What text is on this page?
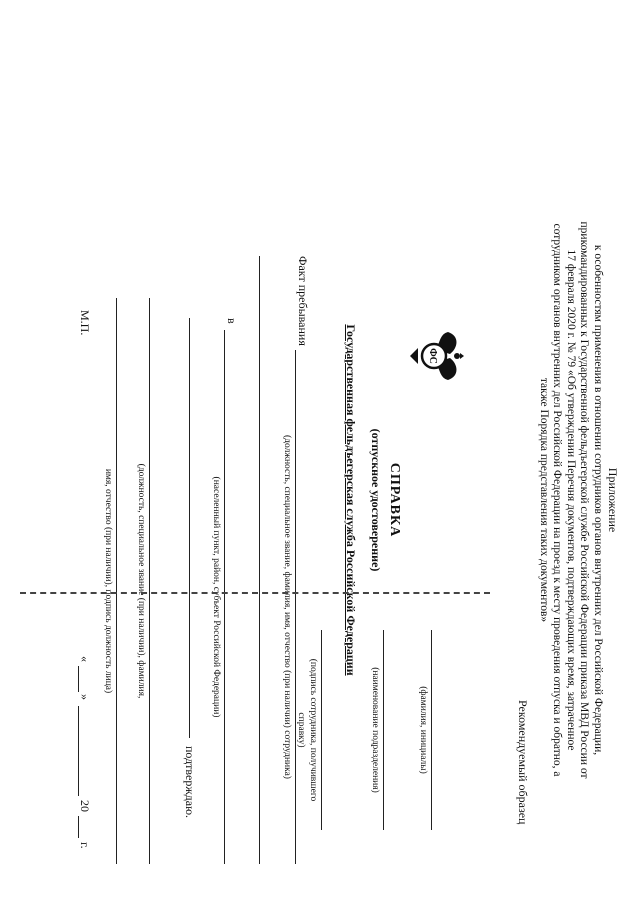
Приложение
к особенностям применения в отношении сотрудников органов внутренних дел Российской Федерации, прикомандированных к Государственной фельдъегерской службе Российской Федерации приказа МВД России от 17 февраля 2020 г. № 79 «Об утверждении Перечня документов, подтверждающих время, затраченное сотрудником органов внутренних дел Российской Федерации на проезд к месту проведения отпуска и обратно, а также Порядка представления таких документов»
Рекомендуемый образец
ФС
СПРАВКА
(отпускное удостоверение)
Государственная фельдъегерская служба Российской Федерации
Факт пребывания
(должность, специальное звание, фамилия, имя, отчество (при наличии) сотрудника)
в
(населенный пункт, район, субъект Российской Федерации)
подтверждаю.
(должность, специальное звание (при наличии), фамилия,
имя, отчество (при наличии), подпись должность лица)
М.П.
«
»
20
г.
(фамилия, инициалы)
(наименование подразделения)
(подпись сотрудника, получившего
справку)
